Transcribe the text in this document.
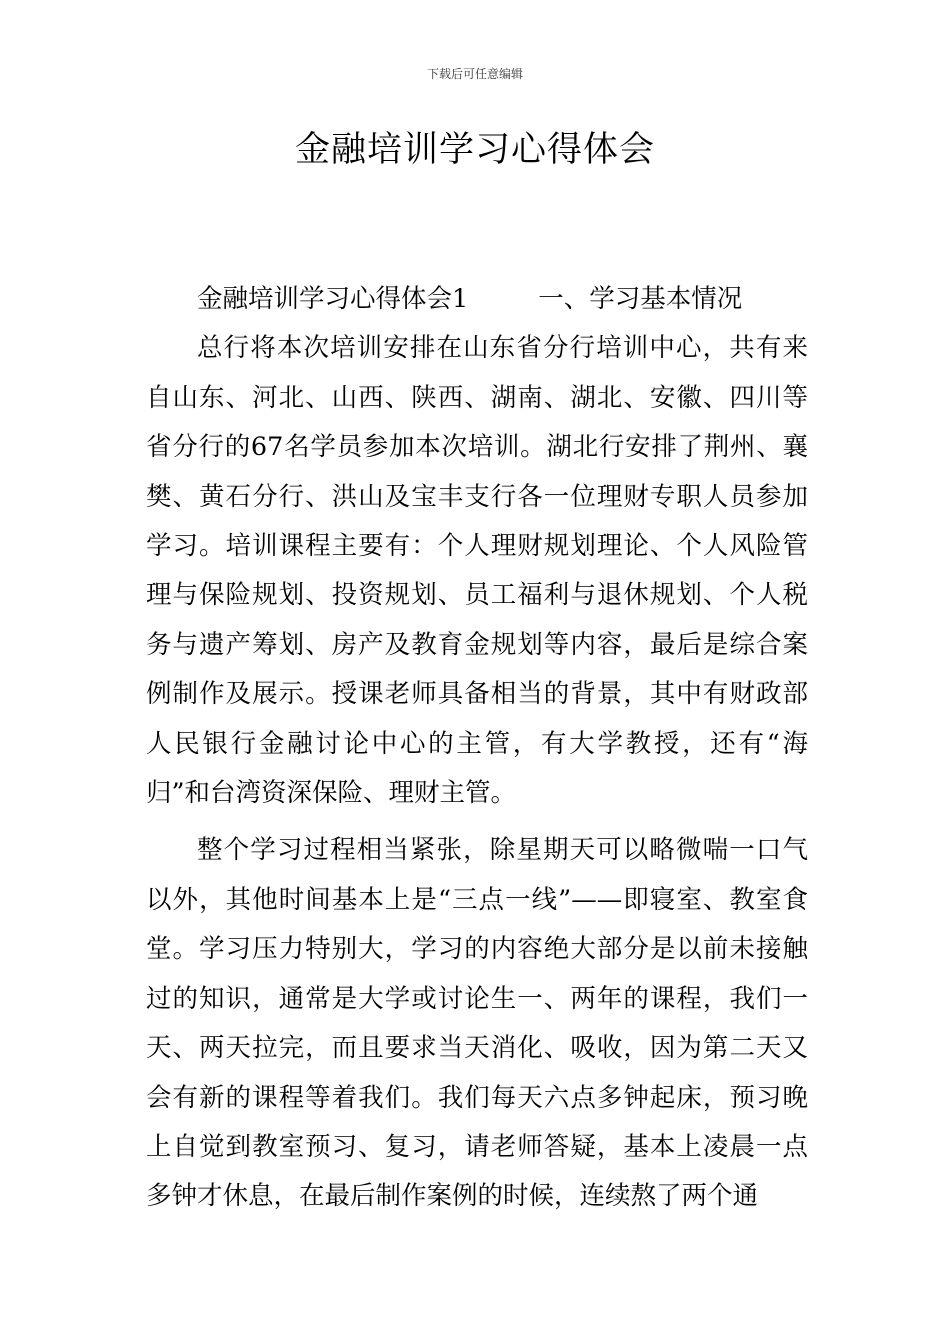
下载后可任意编辑
金融培训学习心得体会

金融培训学习心得体会1	一、学习基本情况

总行将本次培训安排在山东省分行培训中心，共有来自山东、河北、山西、陕西、湖南、湖北、安徽、四川等省分行的67名学员参加本次培训。湖北行安排了荆州、襄樊、黄石分行、洪山及宝丰支行各一位理财专职人员参加学习。培训课程主要有：个人理财规划理论、个人风险管理与保险规划、投资规划、员工福利与退休规划、个人税务与遗产筹划、房产及教育金规划等内容，最后是综合案例制作及展示。授课老师具备相当的背景，其中有财政部人民银行金融讨论中心的主管，有大学教授，还有“海归”和台湾资深保险、理财主管。

整个学习过程相当紧张，除星期天可以略微喘一口气以外，其他时间基本上是“三点一线”——即寝室、教室食堂。学习压力特别大，学习的内容绝大部分是以前未接触过的知识，通常是大学或讨论生一、两年的课程，我们一天、两天拉完，而且要求当天消化、吸收，因为第二天又会有新的课程等着我们。我们每天六点多钟起床，预习晚上自觉到教室预习、复习，请老师答疑，基本上凌晨一点多钟才休息，在最后制作案例的时候，连续熬了两个通
